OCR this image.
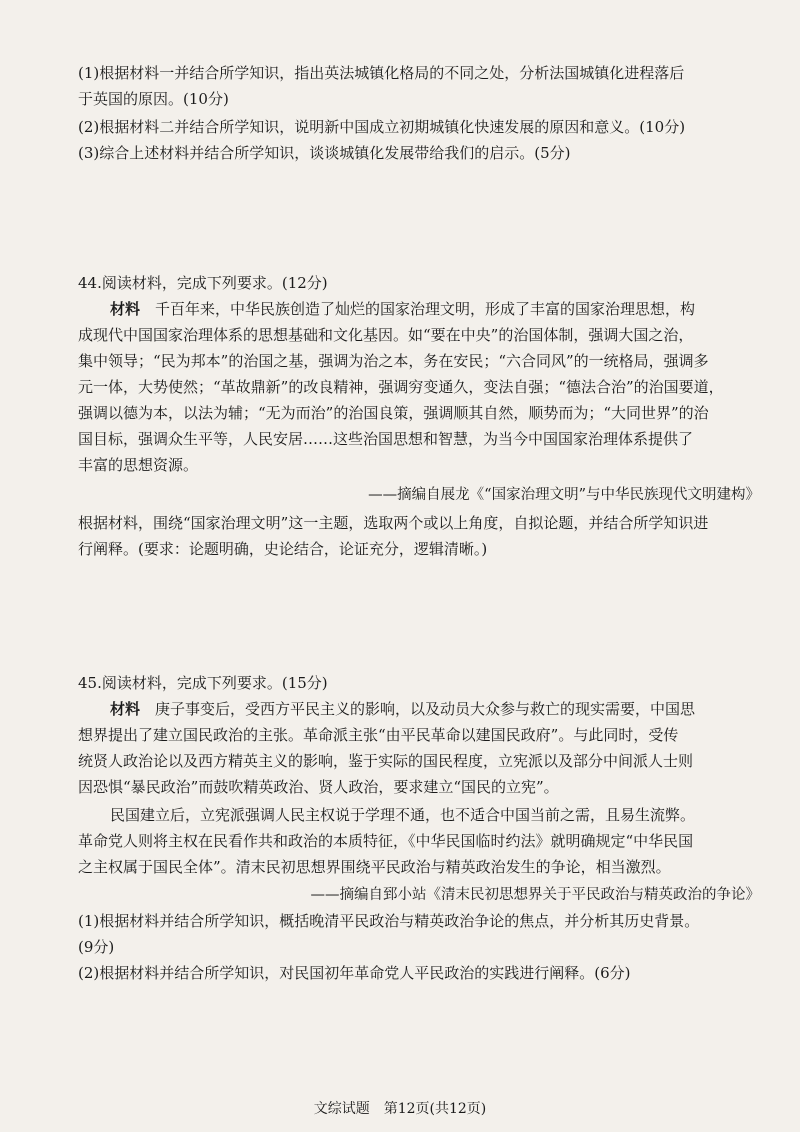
(1)根据材料一并结合所学知识，指出英法城镇化格局的不同之处，分析法国城镇化进程落后
于英国的原因。(10分)
(2)根据材料二并结合所学知识，说明新中国成立初期城镇化快速发展的原因和意义。(10分)
(3)综合上述材料并结合所学知识，谈谈城镇化发展带给我们的启示。(5分)
44.阅读材料，完成下列要求。(12分)
材料　 千百年来，中华民族创造了灿烂的国家治理文明，形成了丰富的国家治理思想，构
成现代中国国家治理体系的思想基础和文化基因。如“要在中央”的治国体制，强调大国之治，
集中领导；“民为邦本”的治国之基，强调为治之本，务在安民；“六合同风”的一统格局，强调多
元一体，大势使然；“革故鼎新”的改良精神，强调穷变通久，变法自强；“德法合治”的治国要道，
强调以德为本，以法为辅；“无为而治”的治国良策，强调顺其自然，顺势而为；“大同世界”的治
国目标，强调众生平等，人民安居……这些治国思想和智慧，为当今中国国家治理体系提供了
丰富的思想资源。
——摘编自展龙《“国家治理文明”与中华民族现代文明建构》
根据材料，围绕“国家治理文明”这一主题，选取两个或以上角度，自拟论题，并结合所学知识进
行阐释。(要求：论题明确，史论结合，论证充分，逻辑清晰。)
45.阅读材料，完成下列要求。(15分)
材料　 庚子事变后，受西方平民主义的影响，以及动员大众参与救亡的现实需要，中国思
想界提出了建立国民政治的主张。革命派主张“由平民革命以建国民政府”。与此同时，受传
统贤人政治论以及西方精英主义的影响，鉴于实际的国民程度，立宪派以及部分中间派人士则
因恐惧“暴民政治”而鼓吹精英政治、贤人政治，要求建立“国民的立宪”。
民国建立后，立宪派强调人民主权说于学理不通，也不适合中国当前之需，且易生流弊。
革命党人则将主权在民看作共和政治的本质特征，《中华民国临时约法》就明确规定“中华民国
之主权属于国民全体”。清末民初思想界围绕平民政治与精英政治发生的争论，相当激烈。
——摘编自郅小站《清末民初思想界关于平民政治与精英政治的争论》
(1)根据材料并结合所学知识，概括晚清平民政治与精英政治争论的焦点，并分析其历史背景。
(9分)
(2)根据材料并结合所学知识，对民国初年革命党人平民政治的实践进行阐释。(6分)
文综试题　第12页(共12页)
